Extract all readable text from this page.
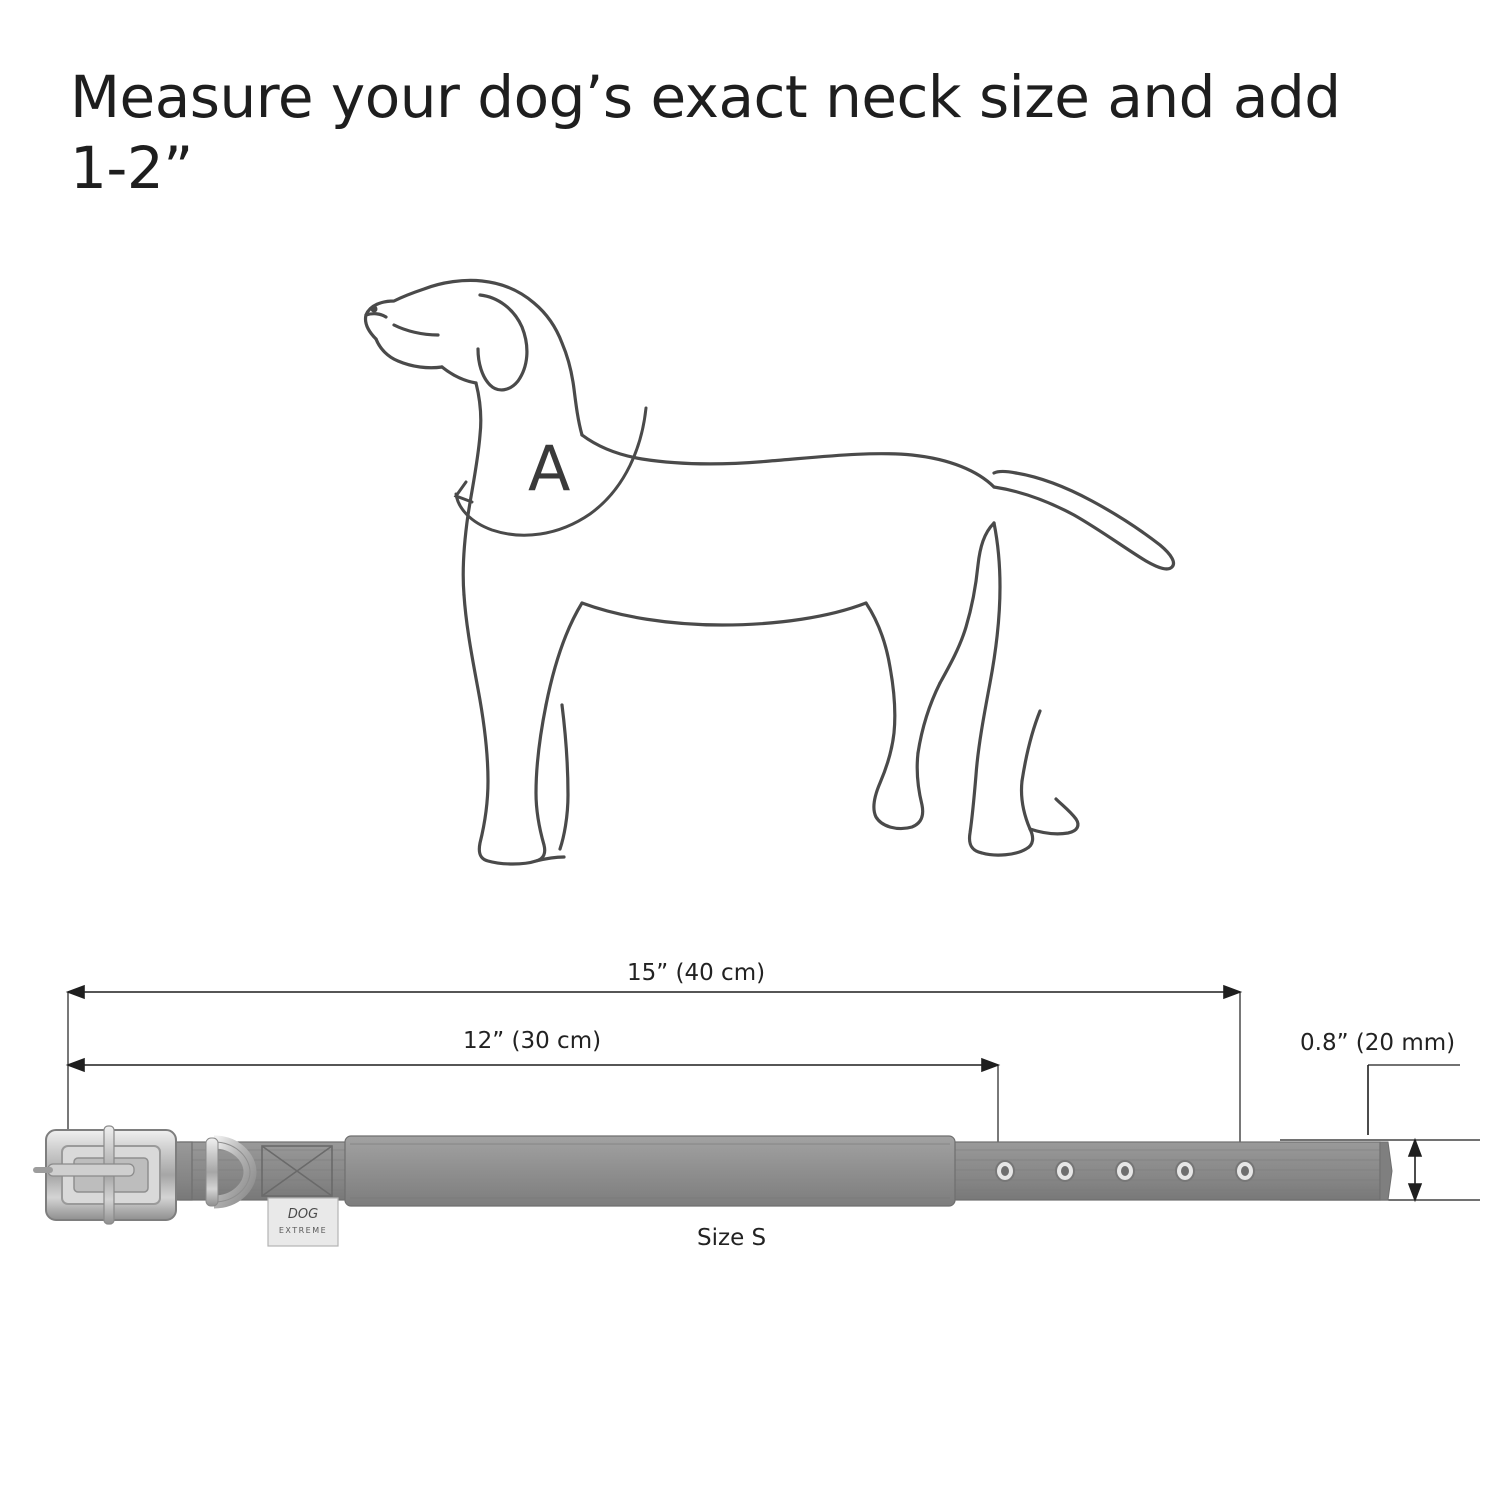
Measure your dog’s exact neck size and add 1-2”
A
15” (40 cm)
12” (30 cm)	0.8” (20 mm)
Size S
DOG
EXTREME
